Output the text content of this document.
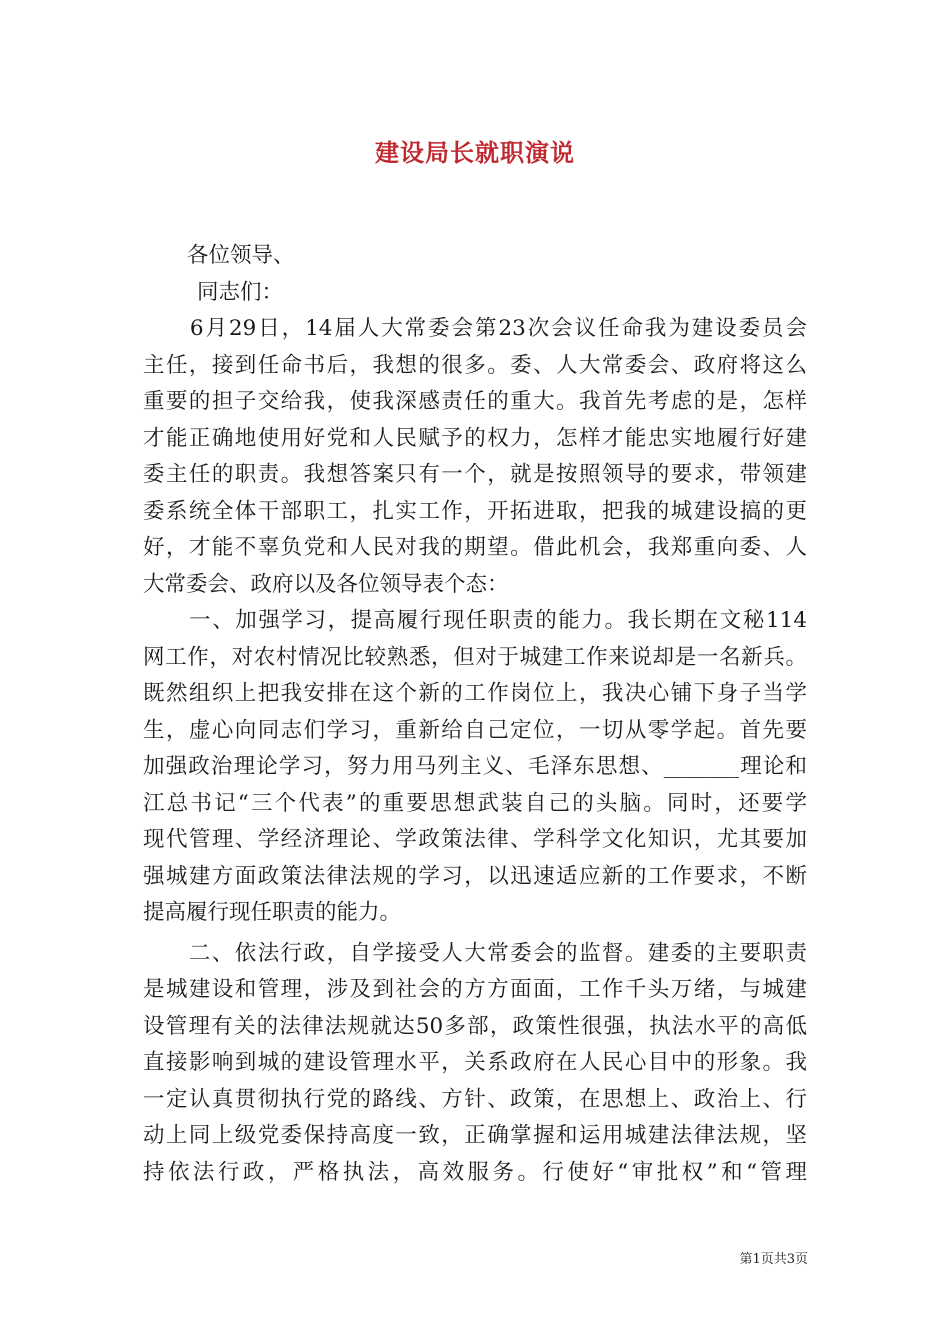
建设局长就职演说
各位领导、
同志们：
　　6月29日，14届人大常委会第23次会议任命我为建设委员会
主任，接到任命书后，我想的很多。委、人大常委会、政府将这么
重要的担子交给我，使我深感责任的重大。我首先考虑的是，怎样
才能正确地使用好党和人民赋予的权力，怎样才能忠实地履行好建
委主任的职责。我想答案只有一个，就是按照领导的要求，带领建
委系统全体干部职工，扎实工作，开拓进取，把我的城建设搞的更
好，才能不辜负党和人民对我的期望。借此机会，我郑重向委、人
大常委会、政府以及各位领导表个态：
　　一、加强学习，提高履行现任职责的能力。我长期在文秘114
网工作，对农村情况比较熟悉，但对于城建工作来说却是一名新兵。
既然组织上把我安排在这个新的工作岗位上，我决心铺下身子当学
生，虚心向同志们学习，重新给自己定位，一切从零学起。首先要
加强政治理论学习，努力用马列主义、毛泽东思想、_______理论和
江总书记“三个代表”的重要思想武装自己的头脑。同时，还要学
现代管理、学经济理论、学政策法律、学科学文化知识，尤其要加
强城建方面政策法律法规的学习，以迅速适应新的工作要求，不断
提高履行现任职责的能力。
　　二、依法行政，自学接受人大常委会的监督。建委的主要职责
是城建设和管理，涉及到社会的方方面面，工作千头万绪，与城建
设管理有关的法律法规就达50多部，政策性很强，执法水平的高低
直接影响到城的建设管理水平，关系政府在人民心目中的形象。我
一定认真贯彻执行党的路线、方针、政策，在思想上、政治上、行
动上同上级党委保持高度一致，正确掌握和运用城建法律法规，坚
持依法行政，严格执法，高效服务。行使好“审批权”和“管理
第1页共3页
